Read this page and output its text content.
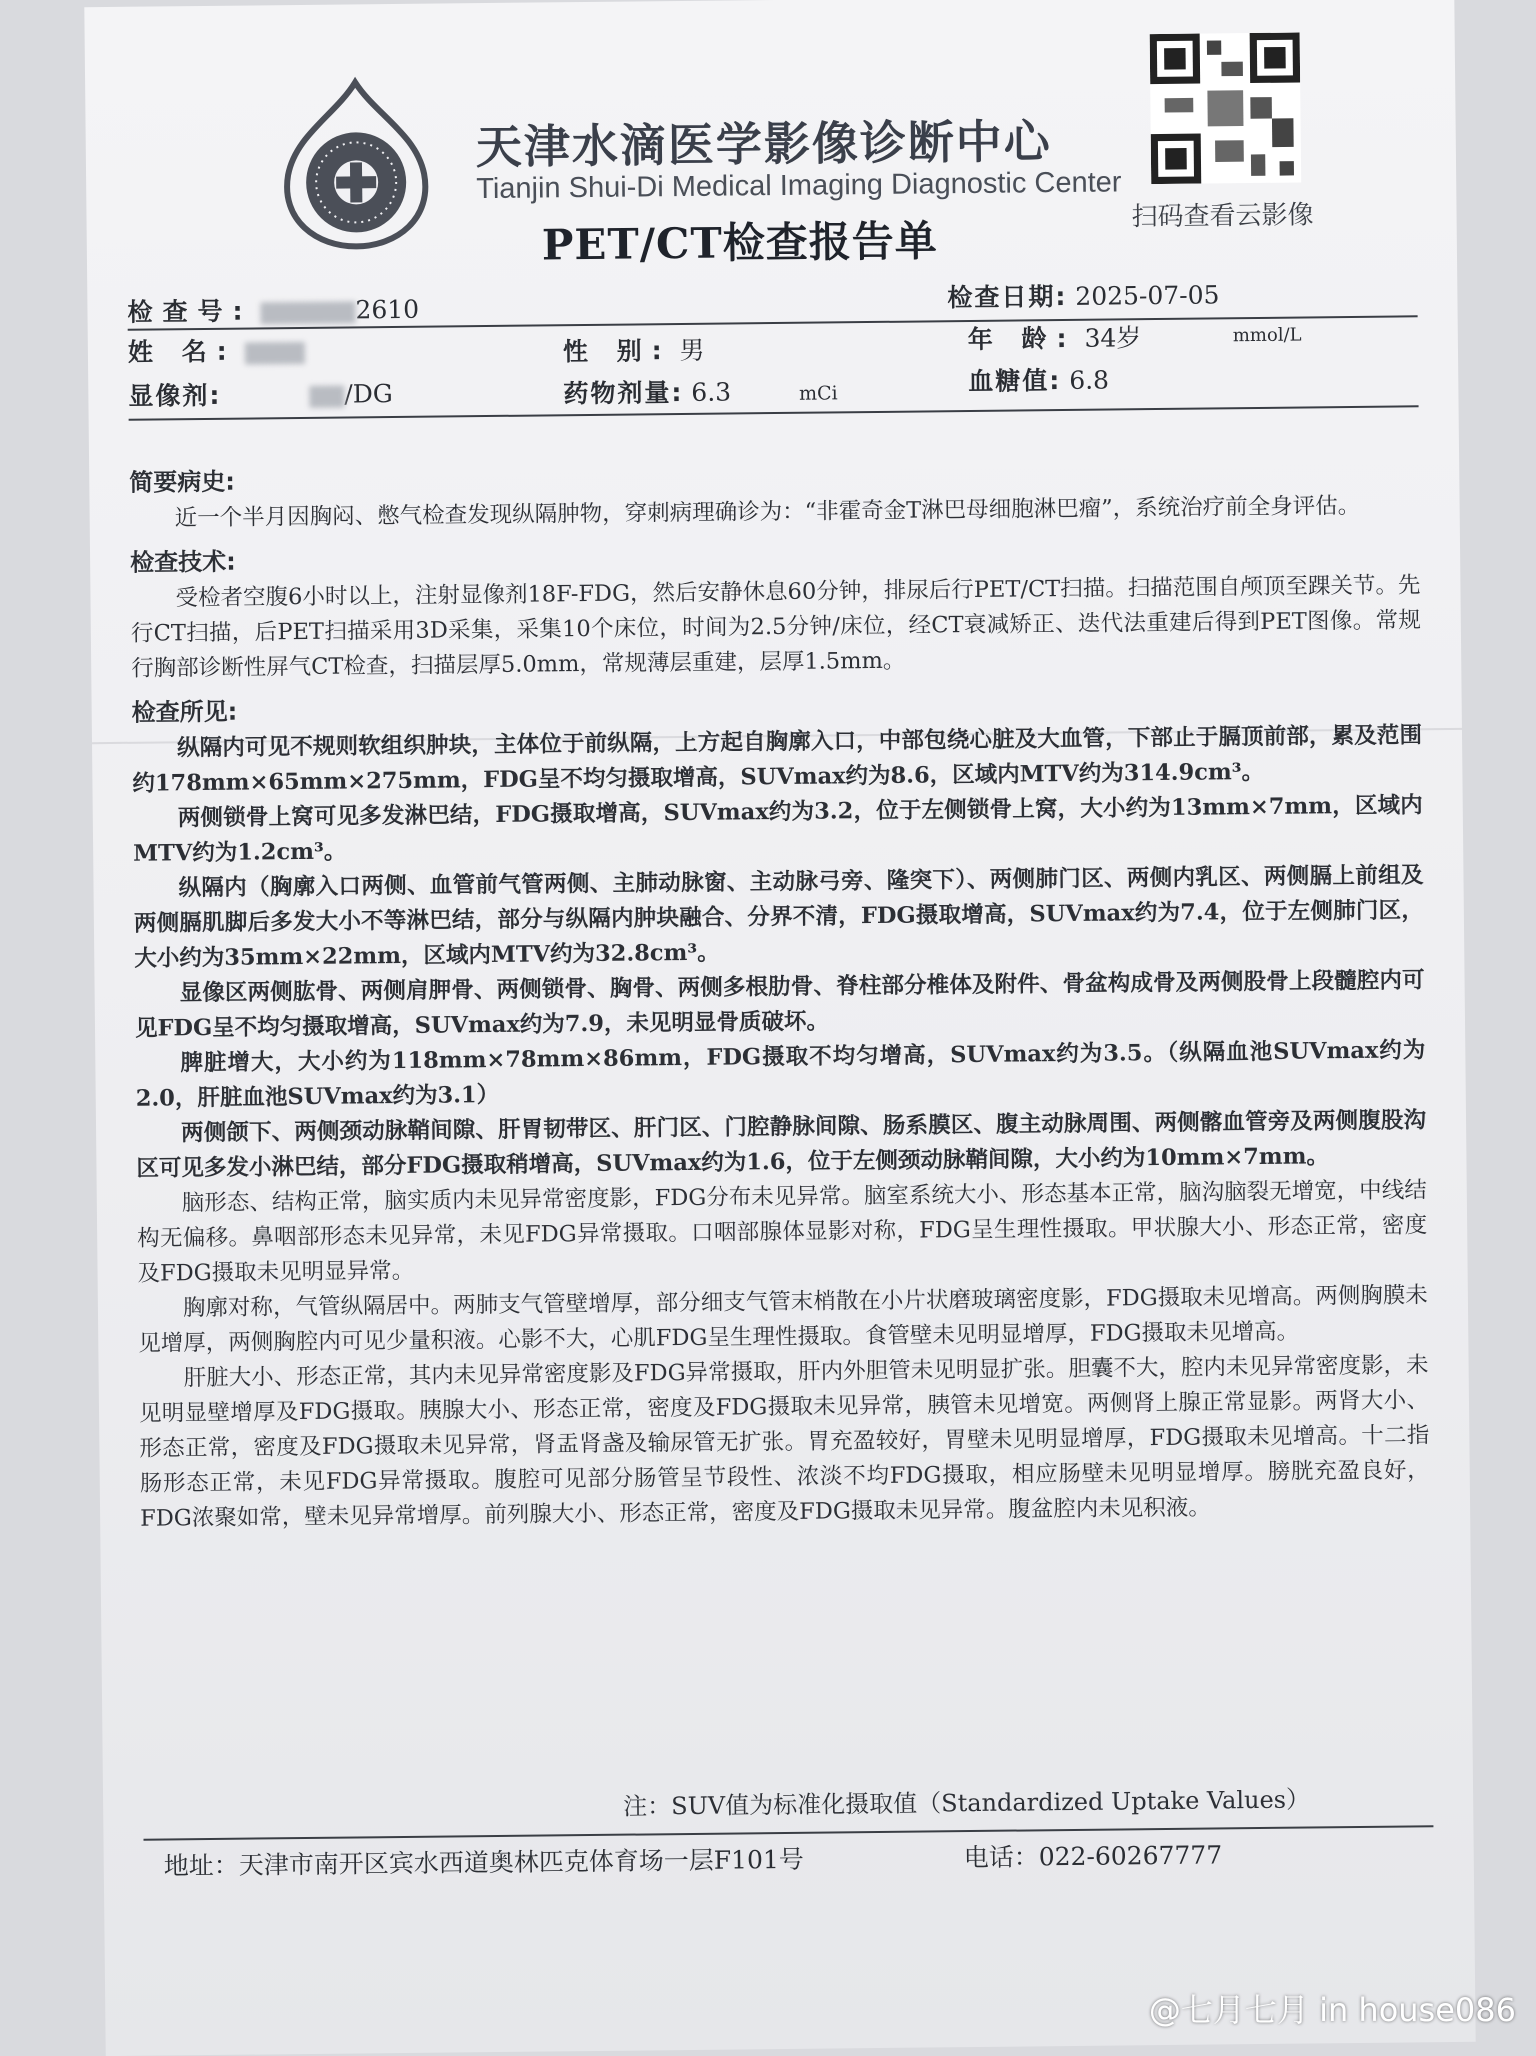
天津水滴医学影像诊断中心
Tianjin Shui-Di Medical Imaging Diagnostic Center
扫码查看云影像
PET/CT检查报告单
检查号:	2610	检查日期: 2025-07-05
姓 名:	性 别: 男	年 龄: 34岁
显像剂:	/DG	药物剂量: 6.3	mCi	血糖值: 6.8
mmol/L
简要病史:

近一个半月因胸闷、憋气检查发现纵隔肿物，穿刺病理确诊为：“非霍奇金T淋巴母细胞淋巴瘤”，系统治疗前全身评估。

检查技术:

受检者空腹6小时以上，注射显像剂18F-FDG，然后安静休息60分钟，排尿后行PET/CT扫描。扫描范围自颅顶至踝关节。先行CT扫描，后PET扫描采用3D采集，采集10个床位，时间为2.5分钟/床位，经CT衰减矫正、迭代法重建后得到PET图像。常规行胸部诊断性屏气CT检查，扫描层厚5.0mm，常规薄层重建，层厚1.5mm。

检查所见:

纵隔内可见不规则软组织肿块，主体位于前纵隔，上方起自胸廓入口，中部包绕心脏及大血管，下部止于膈顶前部，累及范围约178mm×65mm×275mm，FDG呈不均匀摄取增高，SUVmax约为8.6，区域内MTV约为314.9cm³。

两侧锁骨上窝可见多发淋巴结，FDG摄取增高，SUVmax约为3.2，位于左侧锁骨上窝，大小约为13mm×7mm，区域内MTV约为1.2cm³。

纵隔内（胸廓入口两侧、血管前气管两侧、主肺动脉窗、主动脉弓旁、隆突下）、两侧肺门区、两侧内乳区、两侧膈上前组及两侧膈肌脚后多发大小不等淋巴结，部分与纵隔内肿块融合、分界不清，FDG摄取增高，SUVmax约为7.4，位于左侧肺门区，大小约为35mm×22mm，区域内MTV约为32.8cm³。

显像区两侧肱骨、两侧肩胛骨、两侧锁骨、胸骨、两侧多根肋骨、脊柱部分椎体及附件、骨盆构成骨及两侧股骨上段髓腔内可见FDG呈不均匀摄取增高，SUVmax约为7.9，未见明显骨质破坏。

脾脏增大，大小约为118mm×78mm×86mm，FDG摄取不均匀增高，SUVmax约为3.5。（纵隔血池SUVmax约为2.0，肝脏血池SUVmax约为3.1）

两侧颌下、两侧颈动脉鞘间隙、肝胃韧带区、肝门区、门腔静脉间隙、肠系膜区、腹主动脉周围、两侧髂血管旁及两侧腹股沟区可见多发小淋巴结，部分FDG摄取稍增高，SUVmax约为1.6，位于左侧颈动脉鞘间隙，大小约为10mm×7mm。

脑形态、结构正常，脑实质内未见异常密度影，FDG分布未见异常。脑室系统大小、形态基本正常，脑沟脑裂无增宽，中线结构无偏移。鼻咽部形态未见异常，未见FDG异常摄取。口咽部腺体显影对称，FDG呈生理性摄取。甲状腺大小、形态正常，密度及FDG摄取未见明显异常。

胸廓对称，气管纵隔居中。两肺支气管壁增厚，部分细支气管末梢散在小片状磨玻璃密度影，FDG摄取未见增高。两侧胸膜未见增厚，两侧胸腔内可见少量积液。心影不大，心肌FDG呈生理性摄取。食管壁未见明显增厚，FDG摄取未见增高。

肝脏大小、形态正常，其内未见异常密度影及FDG异常摄取，肝内外胆管未见明显扩张。胆囊不大，腔内未见异常密度影，未见明显壁增厚及FDG摄取。胰腺大小、形态正常，密度及FDG摄取未见异常，胰管未见增宽。两侧肾上腺正常显影。两肾大小、形态正常，密度及FDG摄取未见异常，肾盂肾盏及输尿管无扩张。胃充盈较好，胃壁未见明显增厚，FDG摄取未见增高。十二指肠形态正常，未见FDG异常摄取。腹腔可见部分肠管呈节段性、浓淡不均FDG摄取，相应肠壁未见明显增厚。膀胱充盈良好，FDG浓聚如常，壁未见异常增厚。前列腺大小、形态正常，密度及FDG摄取未见异常。腹盆腔内未见积液。

注：SUV值为标准化摄取值（Standardized Uptake Values）
地址：天津市南开区宾水西道奥林匹克体育场一层F101号	电话：022-60267777
@七月七月 in house086
